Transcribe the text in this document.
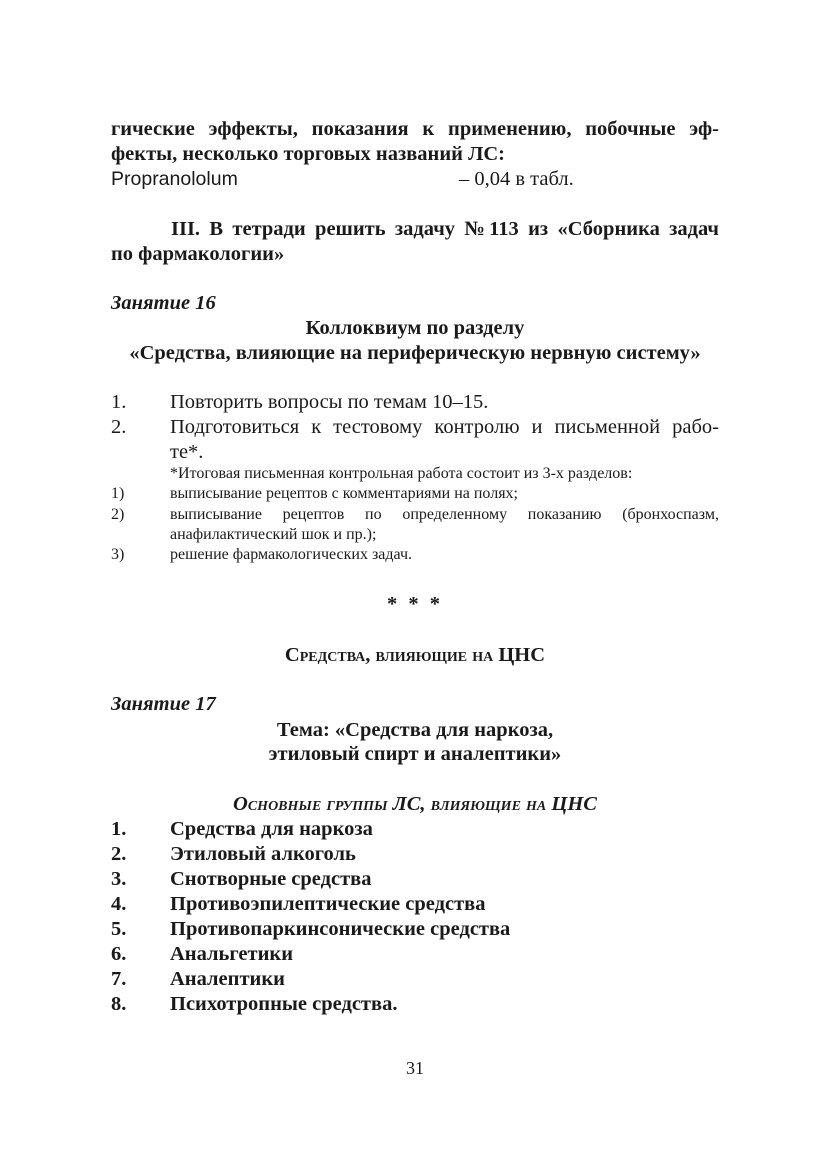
гические эффекты, показания к применению, побочные эф-
фекты, несколько торговых названий ЛС:
Propranololum	– 0,04 в табл.
III. В тетради решить задачу №113 из «Сборника задач
по фармакологии»
Занятие 16
Коллоквиум по разделу
«Средства, влияющие на периферическую нервную систему»
1. Повторить вопросы по темам 10–15.
2. Подготовиться к тестовому контролю и письменной рабо-
те*.
*Итоговая письменная контрольная работа состоит из 3-х разделов:
1)	выписывание рецептов с комментариями на полях;
2)	выписывание рецептов по определенному показанию (бронхоспазм,
анафилактический шок и пр.);
3)	решение фармакологических задач.
* * *
Средства, влияющие на ЦНС
Занятие 17
Тема: «Средства для наркоза,
этиловый спирт и аналептики»
Основные группы ЛС, влияющие на ЦНС
1. Средства для наркоза
2. Этиловый алкоголь
3. Снотворные средства
4. Противоэпилептические средства
5. Противопаркинсонические средства
6. Анальгетики
7. Аналептики
8. Психотропные средства.
31
